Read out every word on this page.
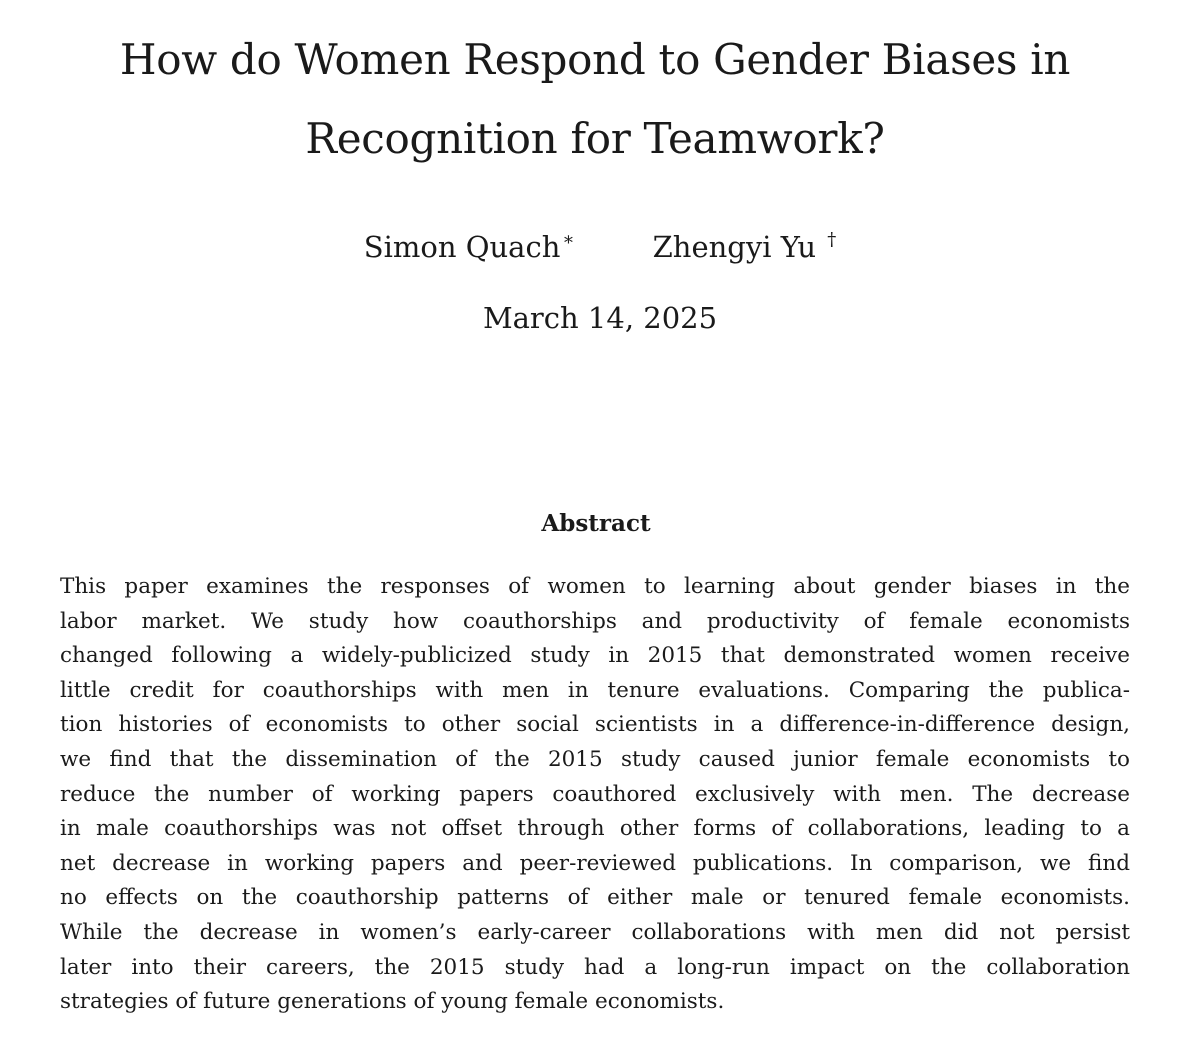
How do Women Respond to Gender Biases in Recognition for Teamwork?
Simon Quach ∗	Zhengyi Yu †
March 14, 2025
Abstract
This paper examines the responses of women to learning about gender biases in the
labor market. We study how coauthorships and productivity of female economists
changed following a widely-publicized study in 2015 that demonstrated women receive
little credit for coauthorships with men in tenure evaluations. Comparing the publica-
tion histories of economists to other social scientists in a difference-in-difference design,
we find that the dissemination of the 2015 study caused junior female economists to
reduce the number of working papers coauthored exclusively with men. The decrease
in male coauthorships was not offset through other forms of collaborations, leading to a
net decrease in working papers and peer-reviewed publications. In comparison, we find
no effects on the coauthorship patterns of either male or tenured female economists.
While the decrease in women’s early-career collaborations with men did not persist
later into their careers, the 2015 study had a long-run impact on the collaboration
strategies of future generations of young female economists.
